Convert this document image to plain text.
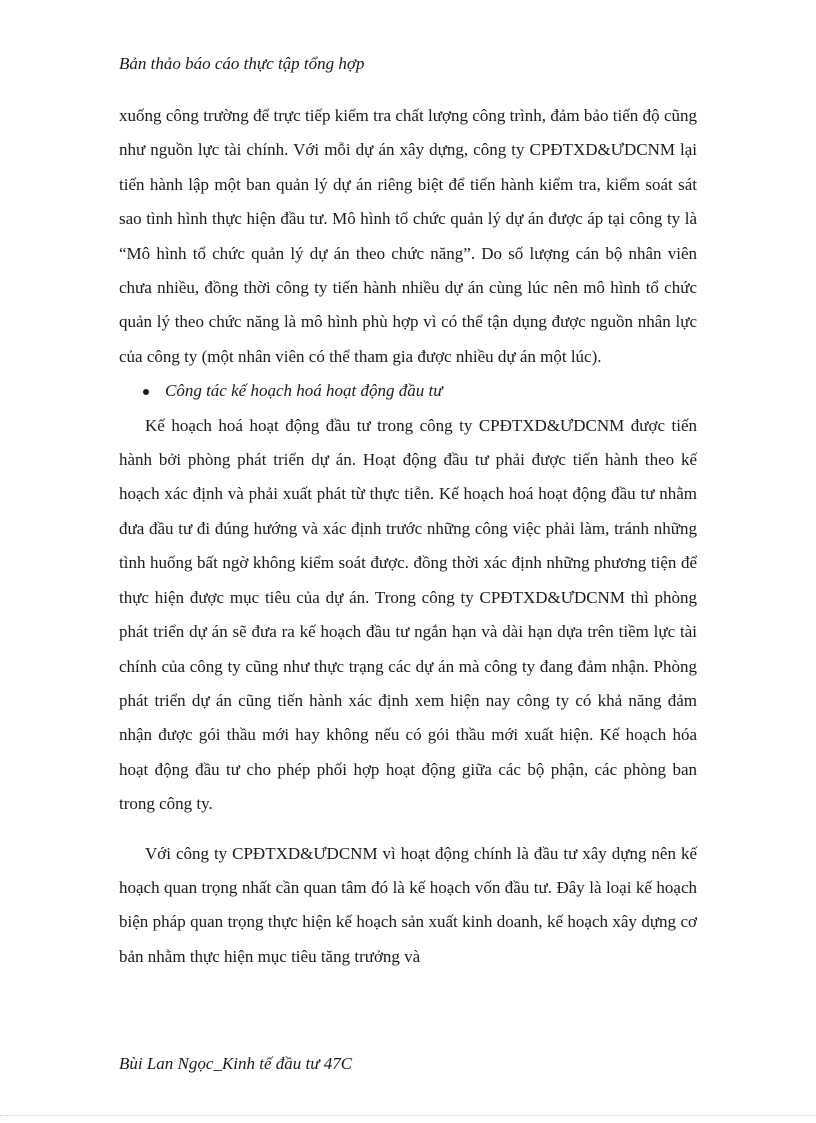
Bản thảo báo cáo thực tập tổng hợp

xuống công trường để trực tiếp kiểm tra chất lượng công trình, đảm bảo tiến độ cũng như nguồn lực tài chính. Với mỗi dự án xây dựng, công ty CPĐTXD&ƯDCNM lại tiến hành lập một ban quản lý dự án riêng biệt để tiến hành kiểm tra, kiểm soát sát sao tình hình thực hiện đầu tư. Mô hình tổ chức quản lý dự án được áp tại công ty là “Mô hình tổ chức quản lý dự án theo chức năng”. Do số lượng cán bộ nhân viên chưa nhiều, đồng thời công ty tiến hành nhiều dự án cùng lúc nên mô hình tổ chức quản lý theo chức năng là mô hình phù hợp vì có thể tận dụng được nguồn nhân lực của công ty (một nhân viên có thể tham gia được nhiều dự án một lúc).

Công tác kế hoạch hoá hoạt động đầu tư

Kế hoạch hoá hoạt động đầu tư trong công ty CPĐTXD&ƯDCNM được tiến hành bởi phòng phát triển dự án. Hoạt động đầu tư phải được tiến hành theo kế hoạch xác định và phải xuất phát từ thực tiễn. Kế hoạch hoá hoạt động đầu tư nhằm đưa đầu tư đi đúng hướng và xác định trước những công việc phải làm, tránh những tình huống bất ngờ không kiểm soát được. đồng thời xác định những phương tiện để thực hiện được mục tiêu của dự án. Trong công ty CPĐTXD&ƯDCNM thì phòng phát triển dự án sẽ đưa ra kế hoạch đầu tư ngắn hạn và dài hạn dựa trên tiềm lực tài chính của công ty cũng như thực trạng các dự án mà công ty đang đảm nhận. Phòng phát triển dự án cũng tiến hành xác định xem hiện nay công ty có khả năng đảm nhận được gói thầu mới hay không nếu có gói thầu mới xuất hiện. Kế hoạch hóa hoạt động đầu tư cho phép phối hợp hoạt động giữa các bộ phận, các phòng ban trong công ty.

Với công ty CPĐTXD&ƯDCNM vì hoạt động chính là đầu tư xây dựng nên kế hoạch quan trọng nhất cần quan tâm đó là kế hoạch vốn đầu tư. Đây là loại kế hoạch biện pháp quan trọng thực hiện kế hoạch sản xuất kinh doanh, kế hoạch xây dựng cơ bản nhằm thực hiện mục tiêu tăng trưởng và

Bùi Lan Ngọc_Kinh tế đầu tư 47C
